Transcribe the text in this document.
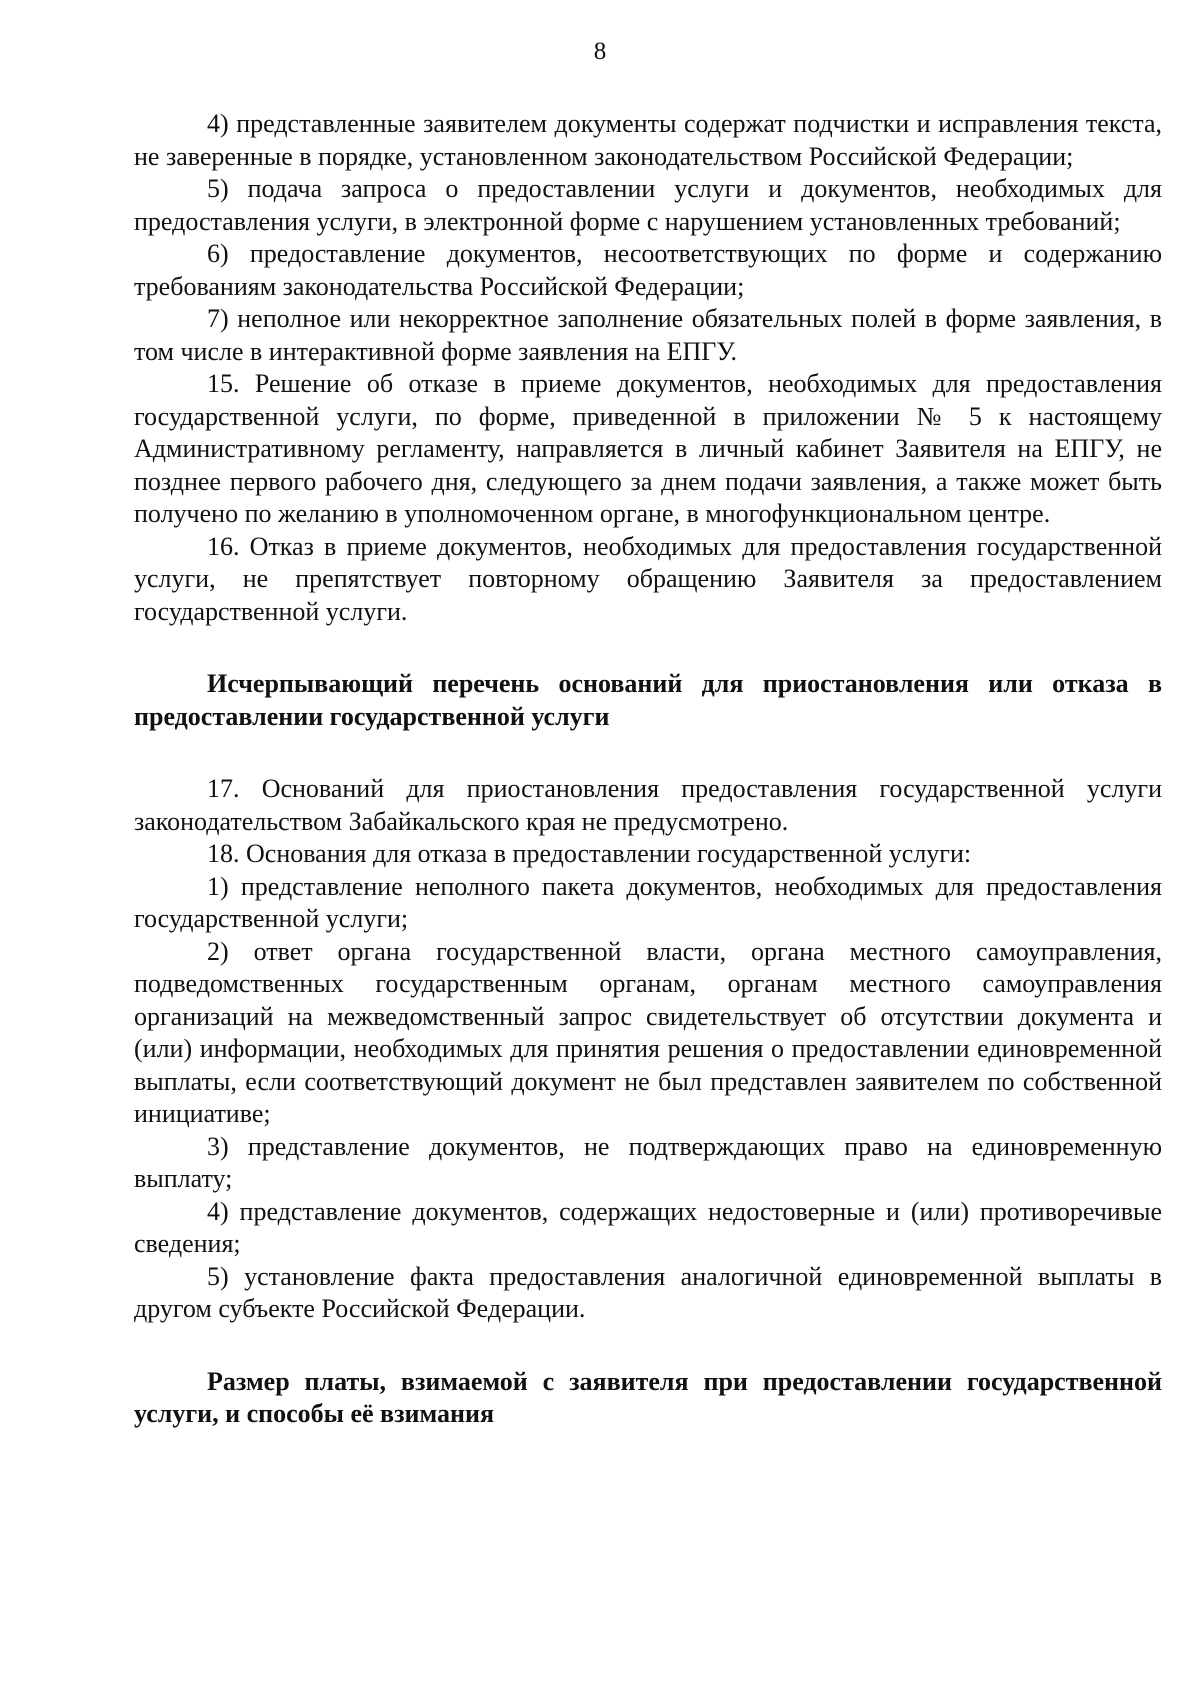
8

4) представленные заявителем документы содержат подчистки и исправления текста, не заверенные в порядке, установленном законодательством Российской Федерации;

5) подача запроса о предоставлении услуги и документов, необходимых для предоставления услуги, в электронной форме с нарушением установленных требований;

6) предоставление документов, несоответствующих по форме и содержанию требованиям законодательства Российской Федерации;

7) неполное или некорректное заполнение обязательных полей в форме заявления, в том числе в интерактивной форме заявления на ЕПГУ.

15. Решение об отказе в приеме документов, необходимых для предоставления государственной услуги, по форме, приведенной в приложении № 5 к настоящему Административному регламенту, направляется в личный кабинет Заявителя на ЕПГУ, не позднее первого рабочего дня, следующего за днем подачи заявления, а также может быть получено по желанию в уполномоченном органе, в многофункциональном центре.

16. Отказ в приеме документов, необходимых для предоставления государственной услуги, не препятствует повторному обращению Заявителя за предоставлением государственной услуги.

Исчерпывающий перечень оснований для приостановления или отказа в предоставлении государственной услуги

17. Оснований для приостановления предоставления государственной услуги законодательством Забайкальского края не предусмотрено.

18. Основания для отказа в предоставлении государственной услуги:

1) представление неполного пакета документов, необходимых для предоставления государственной услуги;

2) ответ органа государственной власти, органа местного самоуправления, подведомственных государственным органам, органам местного самоуправления организаций на межведомственный запрос свидетельствует об отсутствии документа и (или) информации, необходимых для принятия решения о предоставлении единовременной выплаты, если соответствующий документ не был представлен заявителем по собственной инициативе;

3) представление документов, не подтверждающих право на единовременную выплату;

4) представление документов, содержащих недостоверные и (или) противоречивые сведения;

5) установление факта предоставления аналогичной единовременной выплаты в другом субъекте Российской Федерации.

Размер платы, взимаемой с заявителя при предоставлении государственной услуги, и способы её взимания
